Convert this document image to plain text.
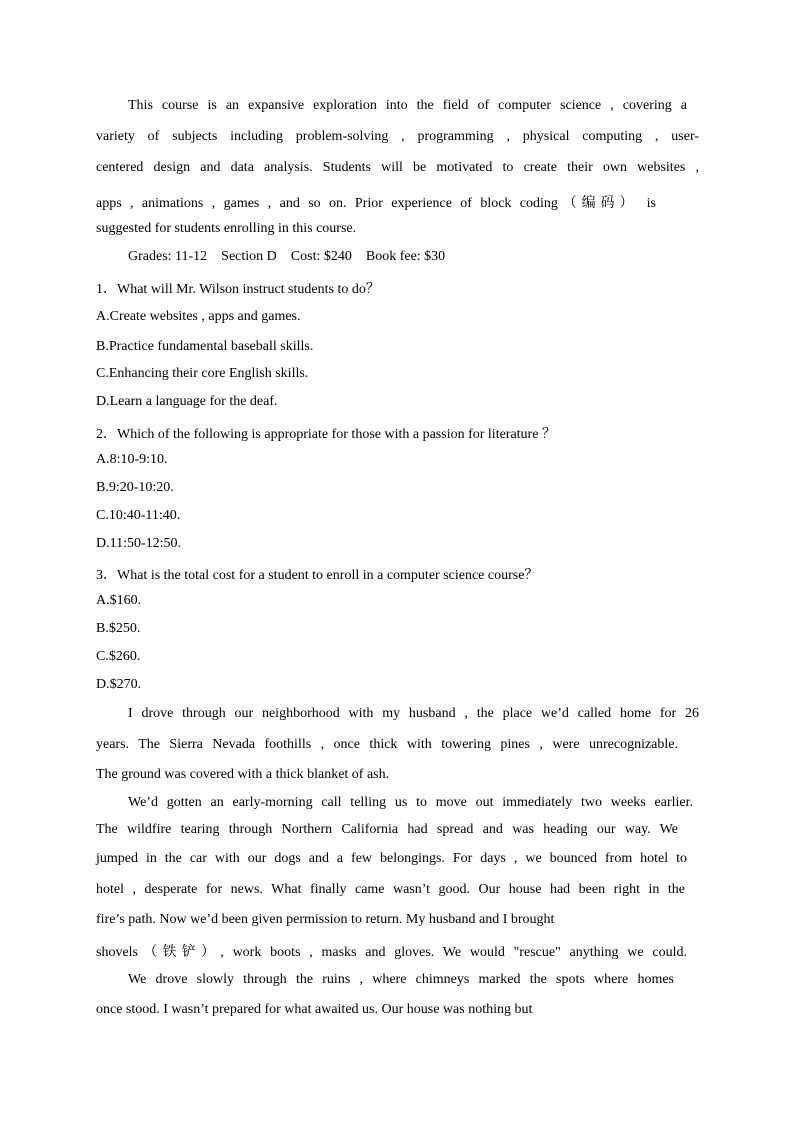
This course is an expansive exploration into the field of computer science , covering a
variety of subjects including problem-solving , programming , physical computing , user-
centered design and data analysis. Students will be motivated to create their own websites ,
apps , animations , games , and so on. Prior experience of block coding（编码） is
suggested for students enrolling in this course.
Grades: 11-12    Section D    Cost: $240    Book fee: $30
1．What will Mr. Wilson instruct students to do？
A.Create websites , apps and games.
B.Practice fundamental baseball skills.
C.Enhancing their core English skills.
D.Learn a language for the deaf.
2．Which of the following is appropriate for those with a passion for literature ？
A.8:10-9:10.
B.9:20-10:20.
C.10:40-11:40.
D.11:50-12:50.
3．What is the total cost for a student to enroll in a computer science course？
A.$160.
B.$250.
C.$260.
D.$270.
I drove through our neighborhood with my husband , the place we’d called home for 26
years. The Sierra Nevada foothills , once thick with towering pines , were unrecognizable.
The ground was covered with a thick blanket of ash.
We’d gotten an early-morning call telling us to move out immediately two weeks earlier.
The wildfire tearing through Northern California had spread and was heading our way. We
jumped in the car with our dogs and a few belongings. For days , we bounced from hotel to
hotel , desperate for news. What finally came wasn’t good. Our house had been right in the
fire’s path. Now we’d been given permission to return. My husband and I brought
shovels（铁铲）, work boots , masks and gloves. We would "rescue" anything we could.
We drove slowly through the ruins , where chimneys marked the spots where homes
once stood. I wasn’t prepared for what awaited us. Our house was nothing but
